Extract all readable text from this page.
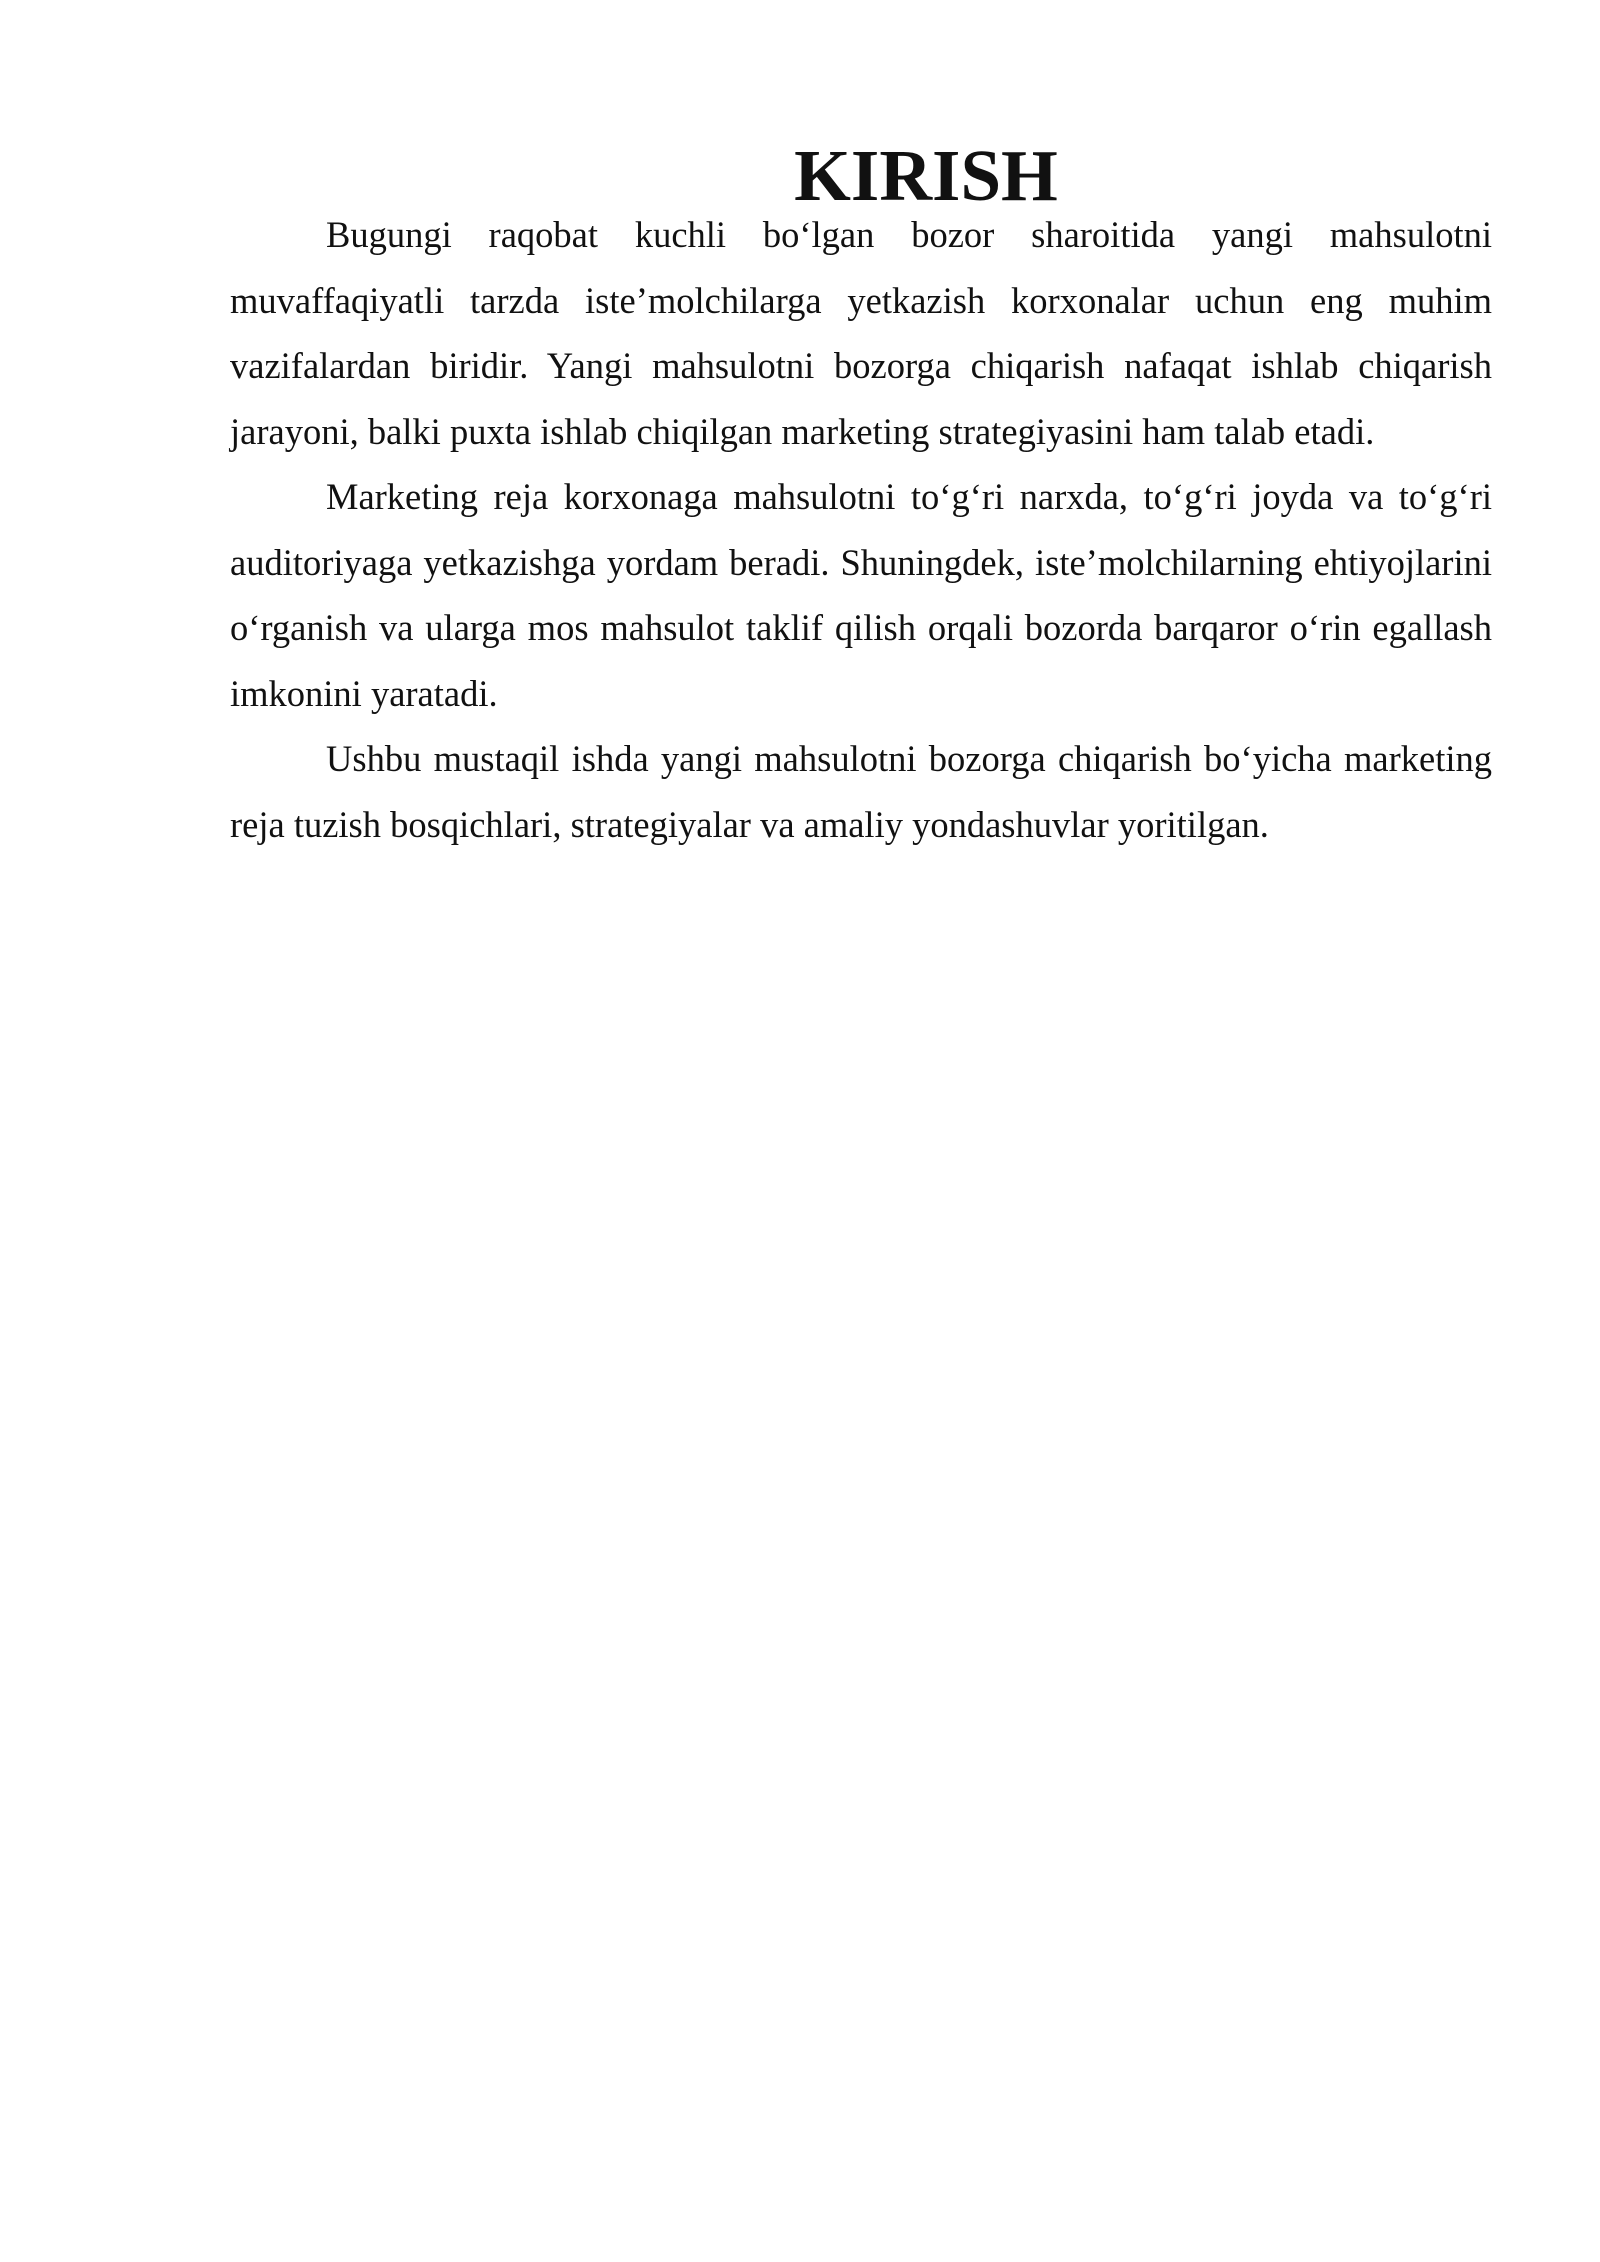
KIRISH

Bugungi raqobat kuchli bo‘lgan bozor sharoitida yangi mahsulotni muvaffaqiyatli tarzda iste’molchilarga yetkazish korxonalar uchun eng muhim vazifalardan biridir. Yangi mahsulotni bozorga chiqarish nafaqat ishlab chiqarish jarayoni, balki puxta ishlab chiqilgan marketing strategiyasini ham talab etadi.

Marketing reja korxonaga mahsulotni to‘g‘ri narxda, to‘g‘ri joyda va to‘g‘ri auditoriyaga yetkazishga yordam beradi. Shuningdek, iste’molchilarning ehtiyojlarini o‘rganish va ularga mos mahsulot taklif qilish orqali bozorda barqaror o‘rin egallash imkonini yaratadi.

Ushbu mustaqil ishda yangi mahsulotni bozorga chiqarish bo‘yicha marketing reja tuzish bosqichlari, strategiyalar va amaliy yondashuvlar yoritilgan.
